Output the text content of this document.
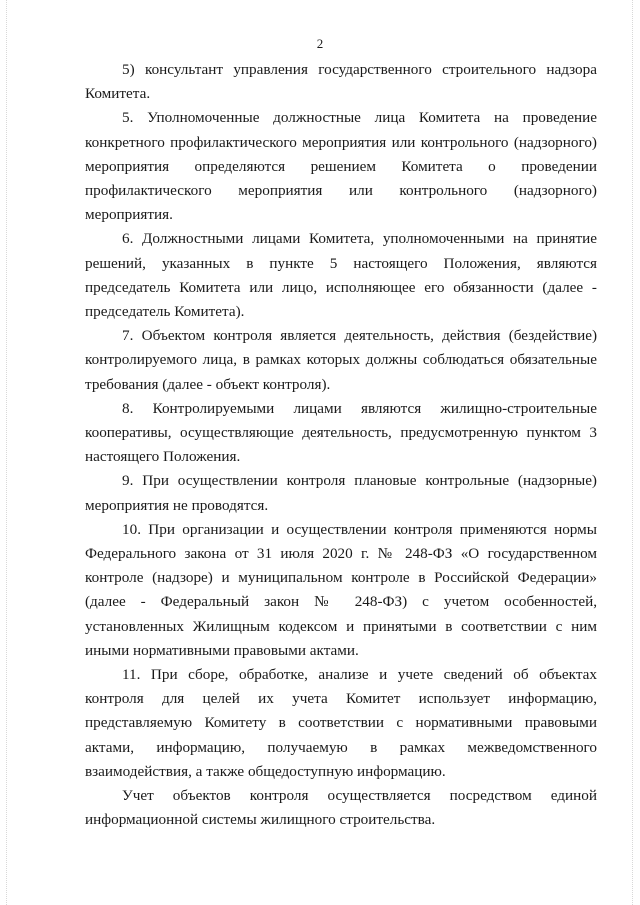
2

5) консультант управления государственного строительного надзора Комитета.

5. Уполномоченные должностные лица Комитета на проведение конкретного профилактического мероприятия или контрольного (надзорного) мероприятия определяются решением Комитета о проведении профилактического мероприятия или контрольного (надзорного) мероприятия.

6. Должностными лицами Комитета, уполномоченными на принятие решений, указанных в пункте 5 настоящего Положения, являются председатель Комитета или лицо, исполняющее его обязанности (далее - председатель Комитета).

7. Объектом контроля является деятельность, действия (бездействие) контролируемого лица, в рамках которых должны соблюдаться обязательные требования (далее - объект контроля).

8. Контролируемыми лицами являются жилищно-строительные кооперативы, осуществляющие деятельность, предусмотренную пунктом 3 настоящего Положения.

9. При осуществлении контроля плановые контрольные (надзорные) мероприятия не проводятся.

10. При организации и осуществлении контроля применяются нормы Федерального закона от 31 июля 2020 г. № 248-ФЗ «О государственном контроле (надзоре) и муниципальном контроле в Российской Федерации» (далее - Федеральный закон № 248-ФЗ) с учетом особенностей, установленных Жилищным кодексом и принятыми в соответствии с ним иными нормативными правовыми актами.

11. При сборе, обработке, анализе и учете сведений об объектах контроля для целей их учета Комитет использует информацию, представляемую Комитету в соответствии с нормативными правовыми актами, информацию, получаемую в рамках межведомственного взаимодействия, а также общедоступную информацию.

Учет объектов контроля осуществляется посредством единой информационной системы жилищного строительства.
